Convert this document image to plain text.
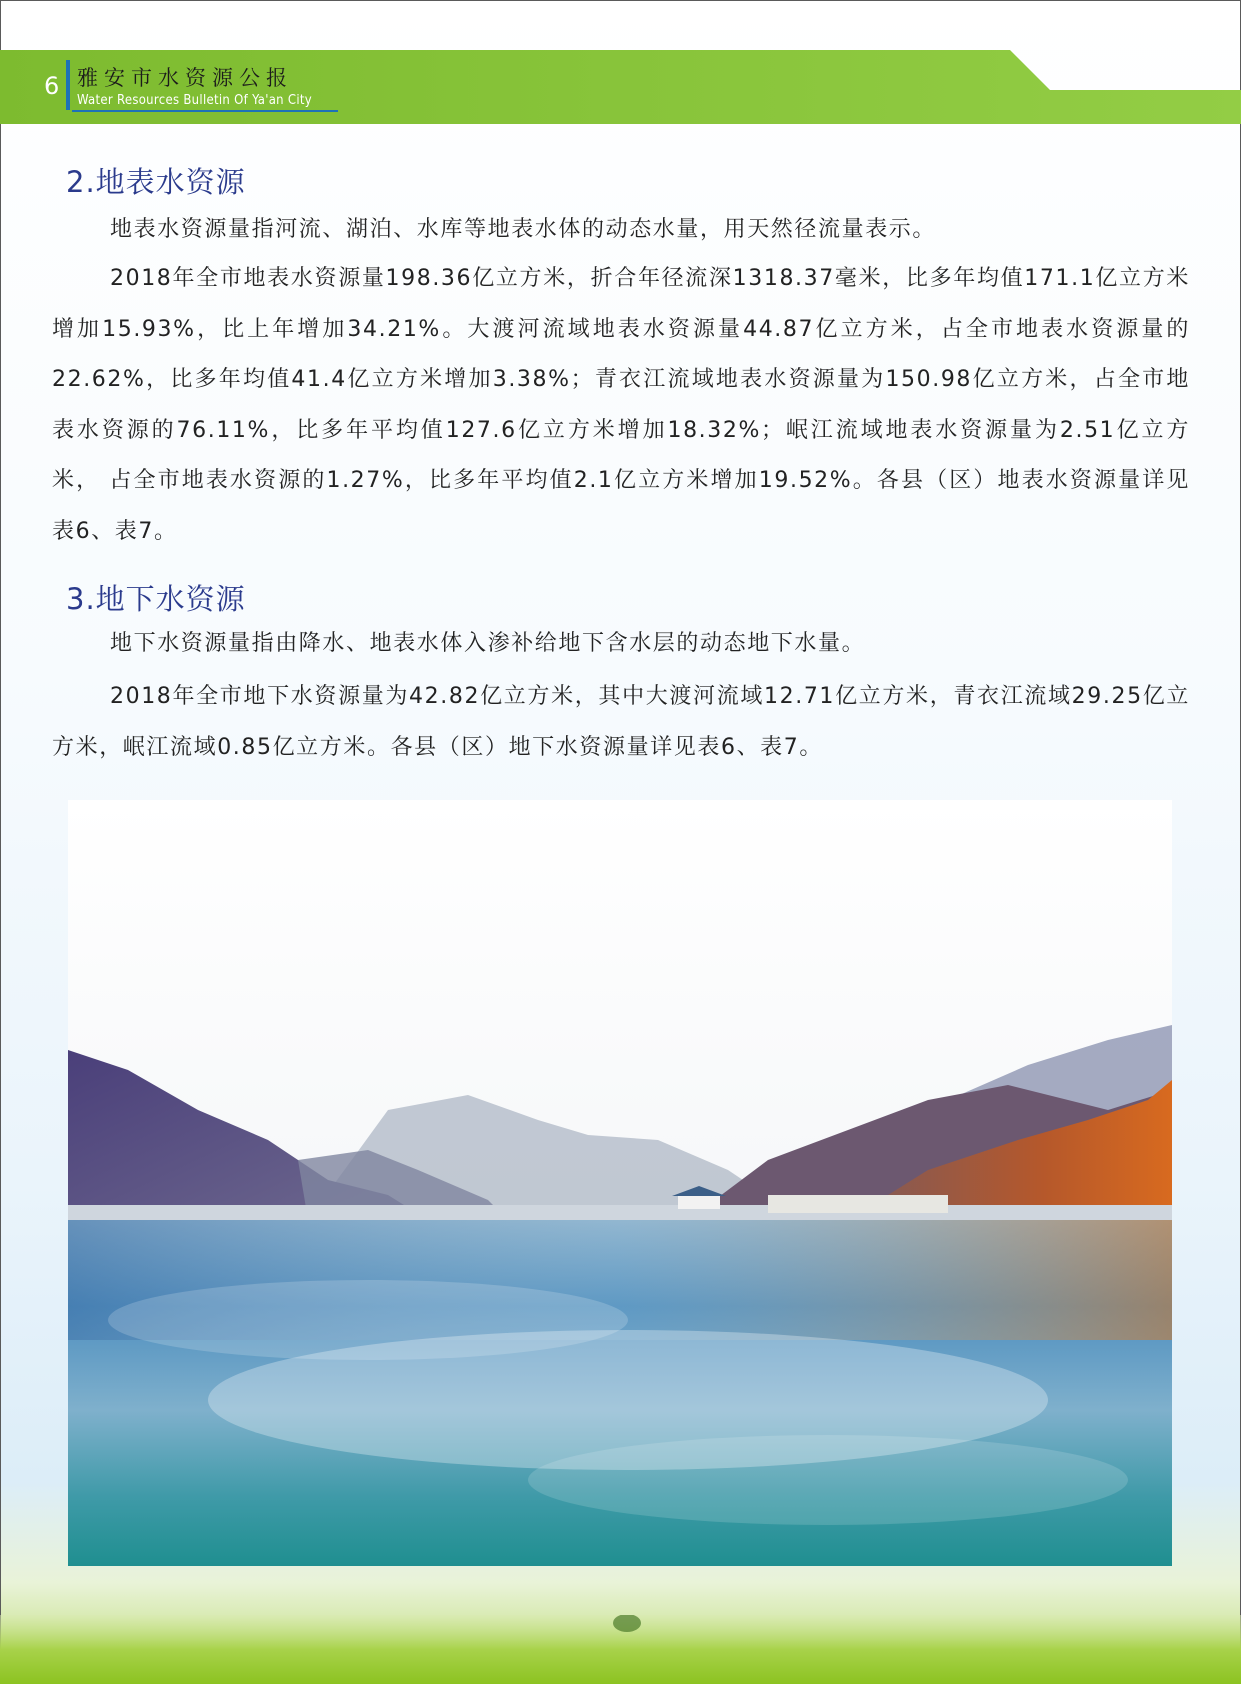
6 雅安市水资源公报
Water Resources Bulletin Of Ya'an City
2.地表水资源

地表水资源量指河流、湖泊、水库等地表水体的动态水量，用天然径流量表示。

2018年全市地表水资源量198.36亿立方米，折合年径流深1318.37毫米，比多年均值171.1亿立方米增加15.93%，比上年增加34.21%。大渡河流域地表水资源量44.87亿立方米，占全市地表水资源量的22.62%，比多年均值41.4亿立方米增加3.38%；青衣江流域地表水资源量为150.98亿立方米，占全市地表水资源的76.11%，比多年平均值127.6亿立方米增加18.32%；岷江流域地表水资源量为2.51亿立方米， 占全市地表水资源的1.27%，比多年平均值2.1亿立方米增加19.52%。各县（区）地表水资源量详见表6、表7。

3.地下水资源

地下水资源量指由降水、地表水体入渗补给地下含水层的动态地下水量。

2018年全市地下水资源量为42.82亿立方米，其中大渡河流域12.71亿立方米，青衣江流域29.25亿立方米，岷江流域0.85亿立方米。各县（区）地下水资源量详见表6、表7。
